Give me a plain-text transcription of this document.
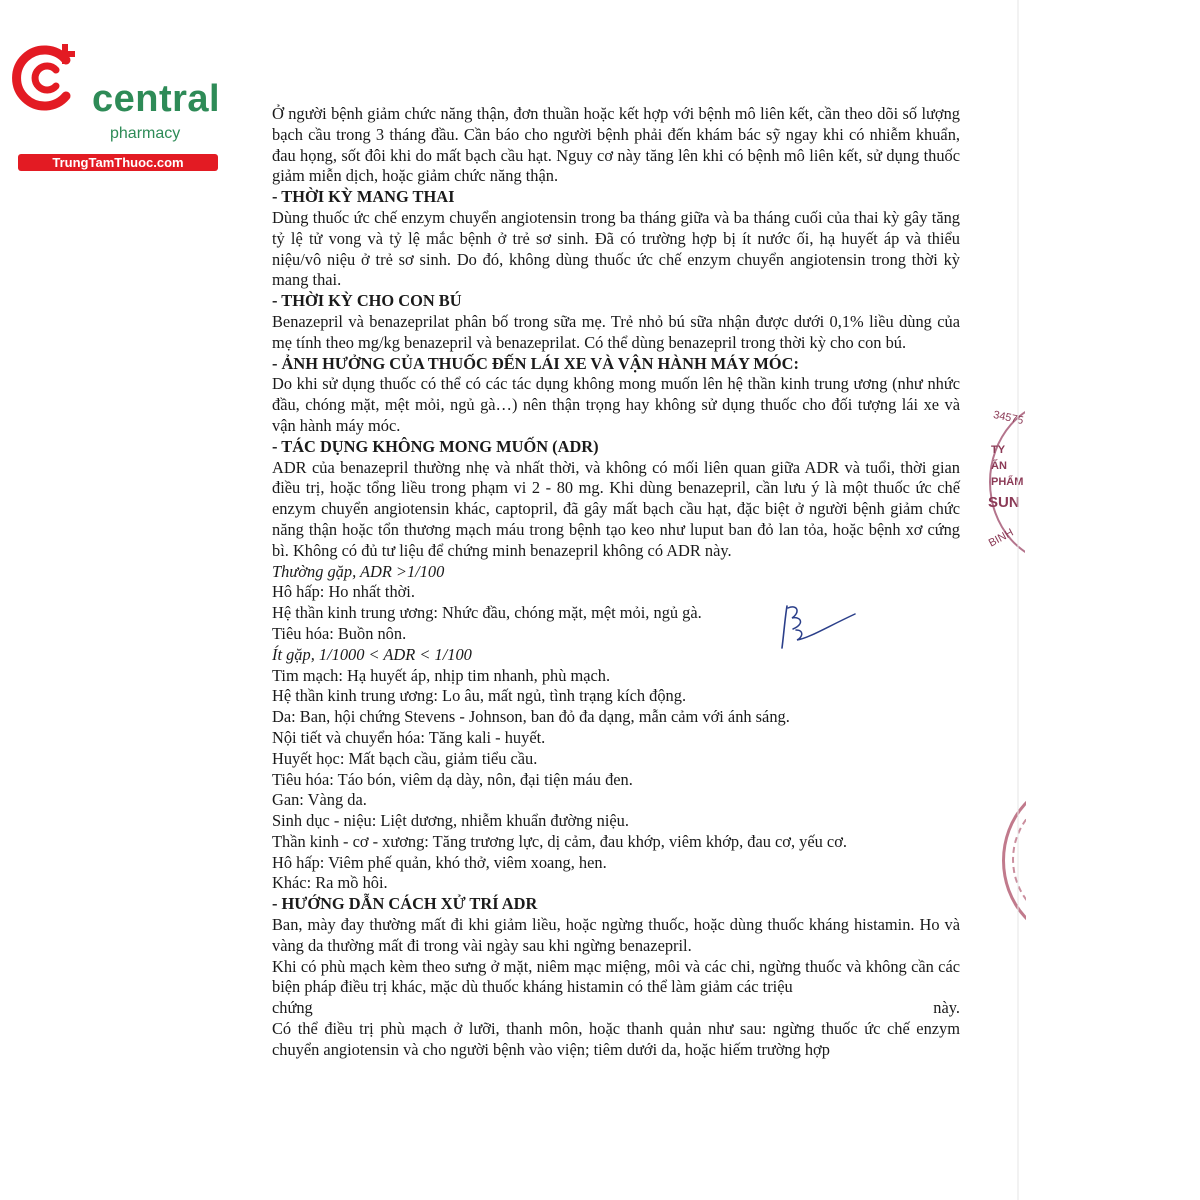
central
pharmacy
TrungTamThuoc.com

Ở người bệnh giảm chức năng thận, đơn thuần hoặc kết hợp với bệnh mô liên kết, cần theo dõi số lượng bạch cầu trong 3 tháng đầu. Cần báo cho người bệnh phải đến khám bác sỹ ngay khi có nhiễm khuẩn, đau họng, sốt đôi khi do mất bạch cầu hạt. Nguy cơ này tăng lên khi có bệnh mô liên kết, sử dụng thuốc giảm miễn dịch, hoặc giảm chức năng thận.

- THỜI KỲ MANG THAI

Dùng thuốc ức chế enzym chuyển angiotensin trong ba tháng giữa và ba tháng cuối của thai kỳ gây tăng tỷ lệ tử vong và tỷ lệ mắc bệnh ở trẻ sơ sinh. Đã có trường hợp bị ít nước ối, hạ huyết áp và thiểu niệu/vô niệu ở trẻ sơ sinh. Do đó, không dùng thuốc ức chế enzym chuyển angiotensin trong thời kỳ mang thai.

- THỜI KỲ CHO CON BÚ

Benazepril và benazeprilat phân bố trong sữa mẹ. Trẻ nhỏ bú sữa nhận được dưới 0,1% liều dùng của mẹ tính theo mg/kg benazepril và benazeprilat. Có thể dùng benazepril trong thời kỳ cho con bú.

- ẢNH HƯỞNG CỦA THUỐC ĐẾN LÁI XE VÀ VẬN HÀNH MÁY MÓC:

Do khi sử dụng thuốc có thể có các tác dụng không mong muốn lên hệ thần kinh trung ương (như nhức đầu, chóng mặt, mệt mỏi, ngủ gà…) nên thận trọng hay không sử dụng thuốc cho đối tượng lái xe và vận hành máy móc.

- TÁC DỤNG KHÔNG MONG MUỐN (ADR)

ADR của benazepril thường nhẹ và nhất thời, và không có mối liên quan giữa ADR và tuổi, thời gian điều trị, hoặc tổng liều trong phạm vi 2 - 80 mg. Khi dùng benazepril, cần lưu ý là một thuốc ức chế enzym chuyển angiotensin khác, captopril, đã gây mất bạch cầu hạt, đặc biệt ở người bệnh giảm chức năng thận hoặc tổn thương mạch máu trong bệnh tạo keo như luput ban đỏ lan tỏa, hoặc bệnh xơ cứng bì. Không có đủ tư liệu để chứng minh benazepril không có ADR này.

Thường gặp, ADR >1/100

Hô hấp: Ho nhất thời.

Hệ thần kinh trung ương: Nhức đầu, chóng mặt, mệt mỏi, ngủ gà.

Tiêu hóa: Buồn nôn.

Ít gặp, 1/1000 < ADR < 1/100

Tim mạch: Hạ huyết áp, nhịp tim nhanh, phù mạch.

Hệ thần kinh trung ương: Lo âu, mất ngủ, tình trạng kích động.

Da: Ban, hội chứng Stevens - Johnson, ban đỏ đa dạng, mẫn cảm với ánh sáng.

Nội tiết và chuyển hóa: Tăng kali - huyết.

Huyết học: Mất bạch cầu, giảm tiểu cầu.

Tiêu hóa: Táo bón, viêm dạ dày, nôn, đại tiện máu đen.

Gan: Vàng da.

Sinh dục - niệu: Liệt dương, nhiễm khuẩn đường niệu.

Thần kinh - cơ - xương: Tăng trương lực, dị cảm, đau khớp, viêm khớp, đau cơ, yếu cơ.

Hô hấp: Viêm phế quản, khó thở, viêm xoang, hen.

Khác: Ra mồ hôi.

- HƯỚNG DẪN CÁCH XỬ TRÍ ADR

Ban, mày đay thường mất đi khi giảm liều, hoặc ngừng thuốc, hoặc dùng thuốc kháng histamin. Ho và vàng da thường mất đi trong vài ngày sau khi ngừng benazepril.

Khi có phù mạch kèm theo sưng ở mặt, niêm mạc miệng, môi và các chi, ngừng thuốc và không cần các biện pháp điều trị khác, mặc dù thuốc kháng histamin có thể làm giảm các triệu

chứng	này.

Có thể điều trị phù mạch ở lưỡi, thanh môn, hoặc thanh quản như sau: ngừng thuốc ức chế enzym chuyển angiotensin và cho người bệnh vào viện; tiêm dưới da, hoặc hiếm trường hợp

34575
TY
ẤN
PHẨM
SUN
BINH
